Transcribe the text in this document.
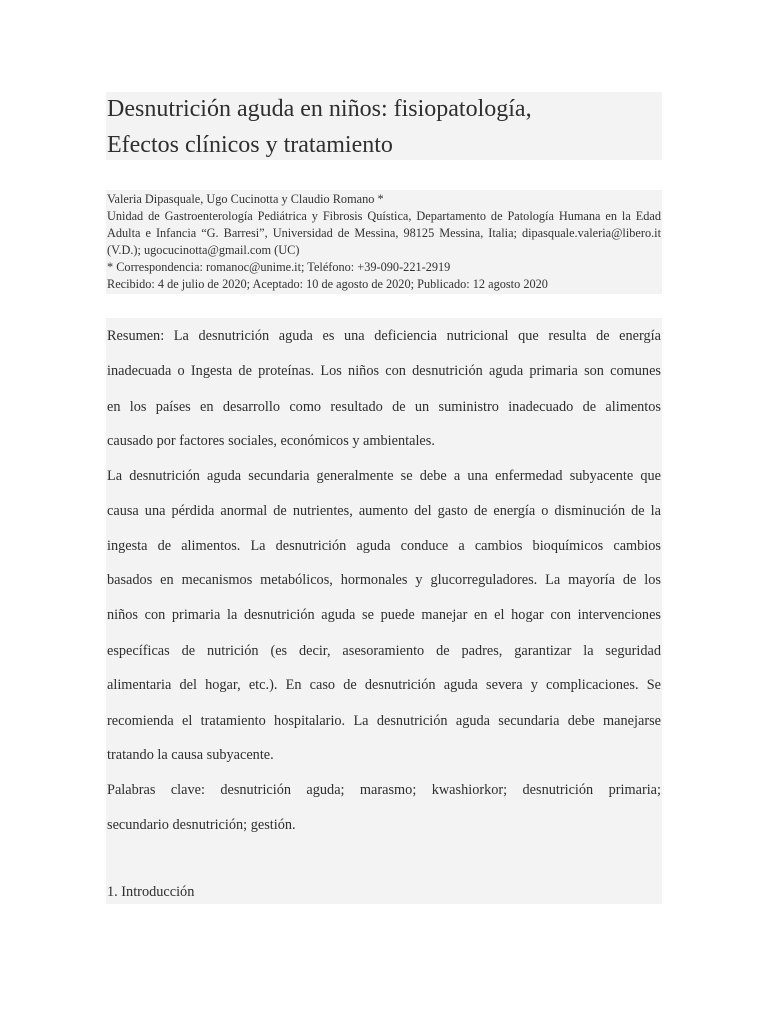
Desnutrición aguda en niños: fisiopatología,
Efectos clínicos y tratamiento
Valeria Dipasquale, Ugo Cucinotta y Claudio Romano *
Unidad de Gastroenterología Pediátrica y Fibrosis Quística, Departamento de Patología Humana en la Edad
Adulta e Infancia “G. Barresi”, Universidad de Messina, 98125 Messina, Italia; dipasquale.valeria@libero.it
(V.D.); ugocucinotta@gmail.com (UC)
* Correspondencia: romanoc@unime.it; Teléfono: +39-090-221-2919
Recibido: 4 de julio de 2020; Aceptado: 10 de agosto de 2020; Publicado: 12 agosto 2020
Resumen: La desnutrición aguda es una deficiencia nutricional que resulta de energía
inadecuada o Ingesta de proteínas. Los niños con desnutrición aguda primaria son comunes
en los países en desarrollo como resultado de un suministro inadecuado de alimentos
causado por factores sociales, económicos y ambientales.
La desnutrición aguda secundaria generalmente se debe a una enfermedad subyacente que
causa una pérdida anormal de nutrientes, aumento del gasto de energía o disminución de la
ingesta de alimentos. La desnutrición aguda conduce a cambios bioquímicos cambios
basados en mecanismos metabólicos, hormonales y glucorreguladores. La mayoría de los
niños con primaria la desnutrición aguda se puede manejar en el hogar con intervenciones
específicas de nutrición (es decir, asesoramiento de padres, garantizar la seguridad
alimentaria del hogar, etc.). En caso de desnutrición aguda severa y complicaciones. Se
recomienda el tratamiento hospitalario. La desnutrición aguda secundaria debe manejarse
tratando la causa subyacente.
Palabras clave: desnutrición aguda; marasmo; kwashiorkor; desnutrición primaria;
secundario desnutrición; gestión.
1. Introducción
